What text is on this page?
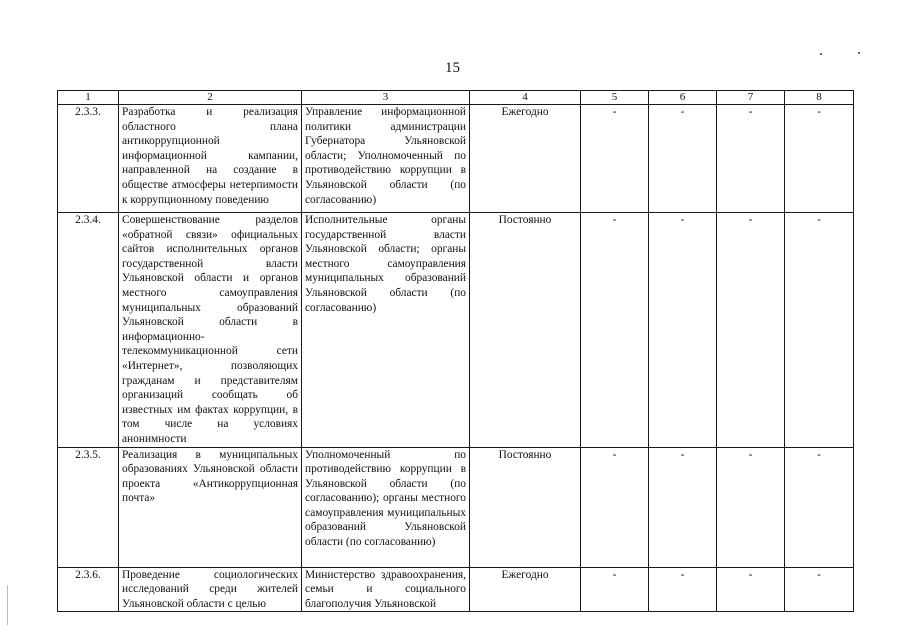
15
1	2	3	4	5	6	7	8
2.3.3.	Разработка и реализация областного плана антикоррупционной информационной кампании, направленной на создание в обществе атмосферы нетерпимости к коррупционному поведению	Управление информационной политики администрации Губернатора Ульяновской области; Уполномоченный по противодействию коррупции в Ульяновской области (по согласованию)	Ежегодно	-	-	-	-
2.3.4.	Совершенствование разделов «обратной связи» официальных сайтов исполнительных органов государственной власти Ульяновской области и органов местного самоуправления муниципальных образований Ульяновской области в информационно-телекоммуникационной сети «Интернет», позволяющих гражданам и представителям организаций сообщать об известных им фактах коррупции, в том числе на условиях анонимности	Исполнительные органы государственной власти Ульяновской области; органы местного самоуправления муниципальных образований Ульяновской области (по согласованию)	Постоянно	-	-	-	-
2.3.5.	Реализация в муниципальных образованиях Ульяновской области проекта «Антикоррупционная почта»	Уполномоченный по противодействию коррупции в Ульяновской области (по согласованию); органы местного самоуправления муниципальных образований Ульяновской области (по согласованию)	Постоянно	-	-	-	-
2.3.6.	Проведение социологических исследований среди жителей Ульяновской области с целью	Министерство здравоохранения, семьи и социального благополучия Ульяновской	Ежегодно	-	-	-	-
